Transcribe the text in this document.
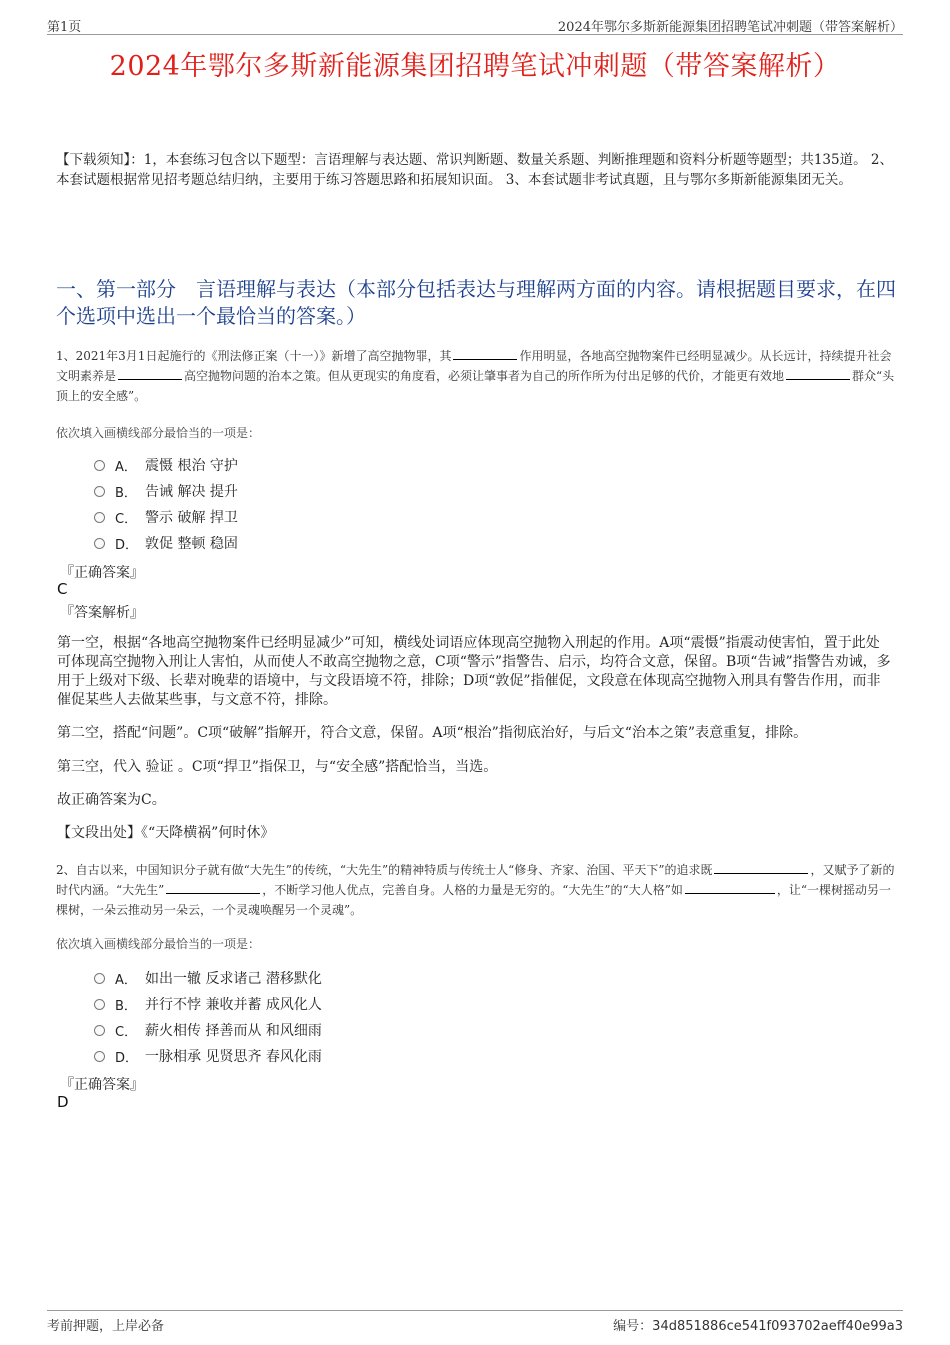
第1页	2024年鄂尔多斯新能源集团招聘笔试冲刺题（带答案解析）
2024年鄂尔多斯新能源集团招聘笔试冲刺题（带答案解析）
【下载须知】：1，本套练习包含以下题型：言语理解与表达题、常识判断题、数量关系题、判断推理题和资料分析题等题型；共135道。 2、本套试题根据常见招考题总结归纳，主要用于练习答题思路和拓展知识面。 3、本套试题非考试真题，且与鄂尔多斯新能源集团无关。
一、第一部分　言语理解与表达（本部分包括表达与理解两方面的内容。请根据题目要求，在四个选项中选出一个最恰当的答案。）
1、2021年3月1日起施行的《刑法修正案（十一）》新增了高空抛物罪，其	作用明显，各地高空抛物案件已经明显减少。从长远计，持续提升社会文明素养是	高空抛物问题的治本之策。但从更现实的角度看，必须让肇事者为自己的所作所为付出足够的代价，才能更有效地	群众“头顶上的安全感”。
依次填入画横线部分最恰当的一项是：
A． 震慑 根治 守护
B． 告诫 解决 提升
C． 警示 破解 捍卫
D． 敦促 整顿 稳固
『正确答案』
C
『答案解析』
第一空，根据“各地高空抛物案件已经明显减少”可知，横线处词语应体现高空抛物入刑起的作用。A项“震慑”指震动使害怕，置于此处可体现高空抛物入刑让人害怕，从而使人不敢高空抛物之意，C项“警示”指警告、启示，均符合文意，保留。B项“告诫”指警告劝诫，多用于上级对下级、长辈对晚辈的语境中，与文段语境不符，排除；D项“敦促”指催促，文段意在体现高空抛物入刑具有警告作用，而非催促某些人去做某些事，与文意不符，排除。
第二空，搭配“问题”。C项“破解”指解开，符合文意，保留。A项“根治”指彻底治好，与后文“治本之策”表意重复，排除。
第三空，代入 验证 。C项“捍卫”指保卫，与“安全感”搭配恰当，当选。
故正确答案为C。
【文段出处】《“天降横祸”何时休》
2、自古以来，中国知识分子就有做“大先生”的传统，“大先生”的精神特质与传统士人“修身、齐家、治国、平天下”的追求既	，又赋予了新的时代内涵。“大先生”	，不断学习他人优点，完善自身。人格的力量是无穷的。“大先生”的“大人格”如	，让“一棵树摇动另一棵树，一朵云推动另一朵云，一个灵魂唤醒另一个灵魂”。
依次填入画横线部分最恰当的一项是：
A． 如出一辙 反求诸己 潜移默化
B． 并行不悖 兼收并蓄 成风化人
C． 薪火相传 择善而从 和风细雨
D． 一脉相承 见贤思齐 春风化雨
『正确答案』
D
考前押题，上岸必备	编号：34d851886ce541f093702aeff40e99a3
